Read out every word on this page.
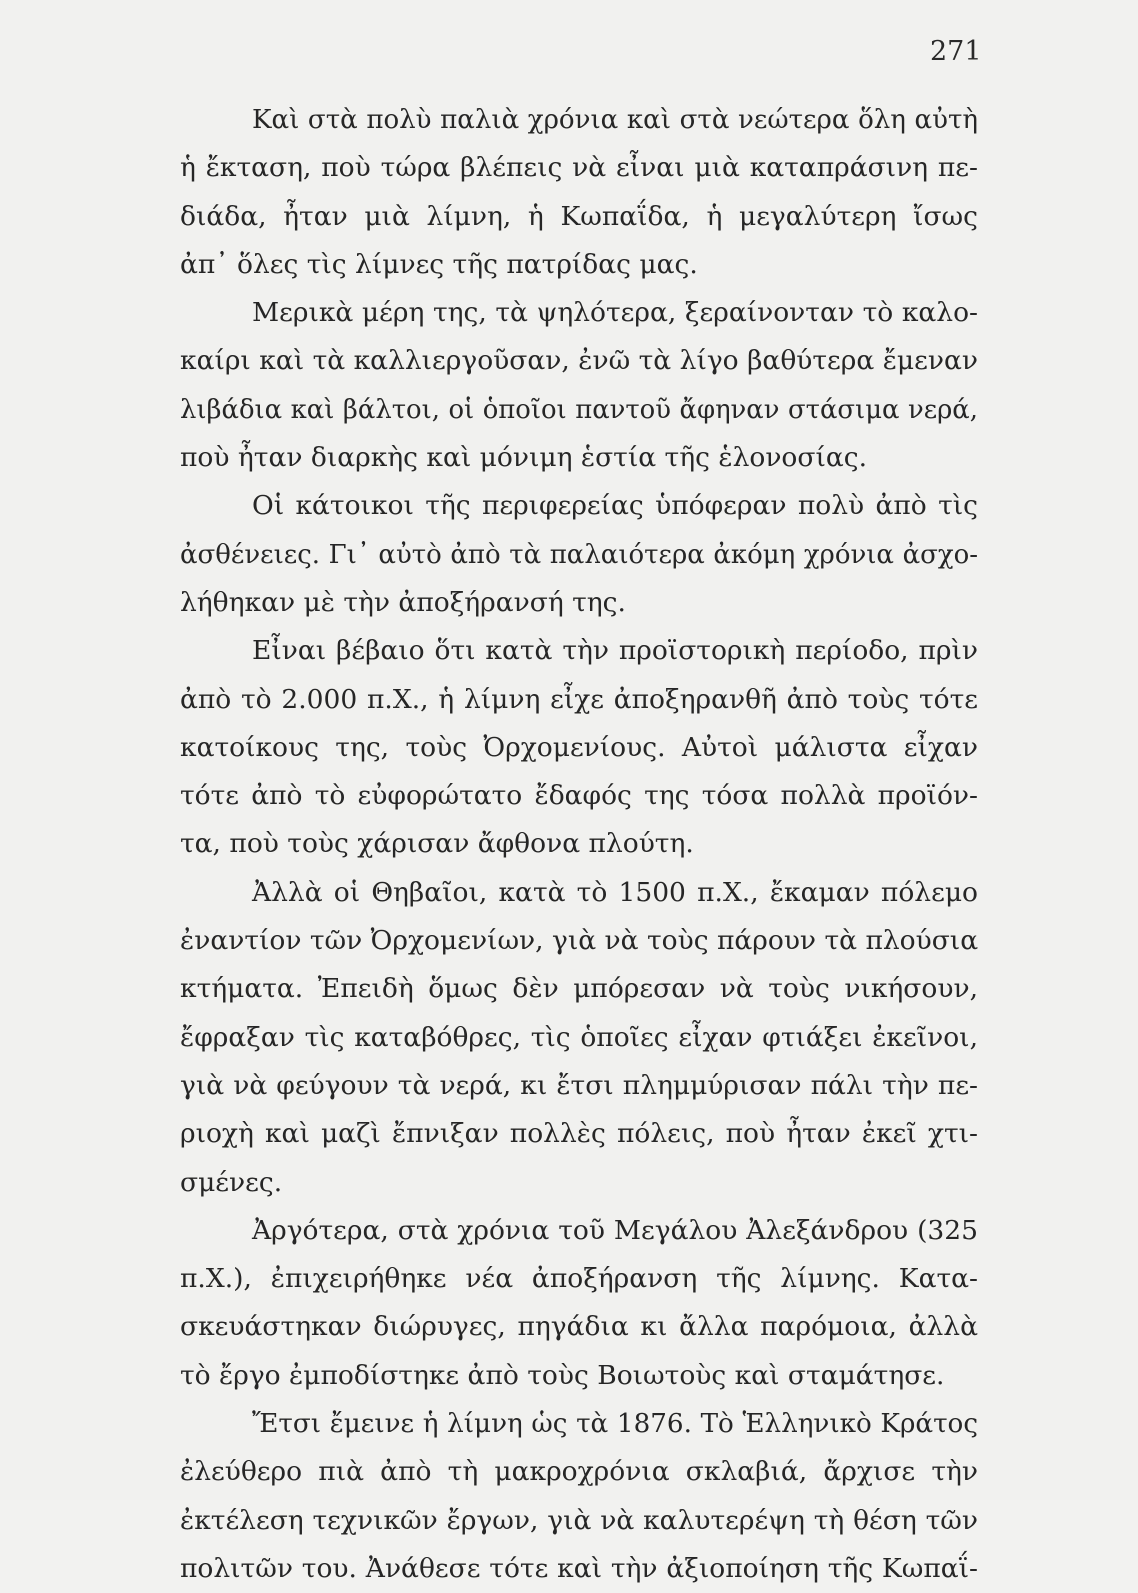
271

Καὶ στὰ πολὺ παλιὰ χρόνια καὶ στὰ νεώτερα ὅλη αὐτὴ
ἡ ἔκταση, ποὺ τώρα βλέπεις νὰ εἶναι μιὰ καταπράσινη πε-
διάδα, ἦταν μιὰ λίμνη, ἡ Κωπαΐδα, ἡ μεγαλύτερη ἴσως
ἀπ᾽ ὅλες τὶς λίμνες τῆς πατρίδας μας.

Μερικὰ μέρη της, τὰ ψηλότερα, ξεραίνονταν τὸ καλο-
καίρι καὶ τὰ καλλιεργοῦσαν, ἐνῶ τὰ λίγο βαθύτερα ἔμεναν
λιβάδια καὶ βάλτοι, οἱ ὁποῖοι παντοῦ ἄφηναν στάσιμα νερά,
ποὺ ἦταν διαρκὴς καὶ μόνιμη ἑστία τῆς ἑλονοσίας.

Οἱ κάτοικοι τῆς περιφερείας ὑπόφεραν πολὺ ἀπὸ τὶς
ἀσθένειες. Γι᾽ αὐτὸ ἀπὸ τὰ παλαιότερα ἀκόμη χρόνια ἀσχο-
λήθηκαν μὲ τὴν ἀποξήρανσή της.

Εἶναι βέβαιο ὅτι κατὰ τὴν προϊστορικὴ περίοδο, πρὶν
ἀπὸ τὸ 2.000 π.Χ., ἡ λίμνη εἶχε ἀποξηρανθῆ ἀπὸ τοὺς τότε
κατοίκους της, τοὺς Ὀρχομενίους. Αὐτοὶ μάλιστα εἶχαν
τότε ἀπὸ τὸ εὐφορώτατο ἔδαφός της τόσα πολλὰ προϊόν-
τα, ποὺ τοὺς χάρισαν ἄφθονα πλούτη.

Ἀλλὰ οἱ Θηβαῖοι, κατὰ τὸ 1500 π.Χ., ἔκαμαν πόλεμο
ἐναντίον τῶν Ὀρχομενίων, γιὰ νὰ τοὺς πάρουν τὰ πλούσια
κτήματα. Ἐπειδὴ ὅμως δὲν μπόρεσαν νὰ τοὺς νικήσουν,
ἔφραξαν τὶς καταβόθρες, τὶς ὁποῖες εἶχαν φτιάξει ἐκεῖνοι,
γιὰ νὰ φεύγουν τὰ νερά, κι ἔτσι πλημμύρισαν πάλι τὴν πε-
ριοχὴ καὶ μαζὶ ἔπνιξαν πολλὲς πόλεις, ποὺ ἦταν ἐκεῖ χτι-
σμένες.

Ἀργότερα, στὰ χρόνια τοῦ Μεγάλου Ἀλεξάνδρου (325
π.Χ.), ἐπιχειρήθηκε νέα ἀποξήρανση τῆς λίμνης. Κατα-
σκευάστηκαν διώρυγες, πηγάδια κι ἄλλα παρόμοια, ἀλλὰ
τὸ ἔργο ἐμποδίστηκε ἀπὸ τοὺς Βοιωτοὺς καὶ σταμάτησε.

Ἔτσι ἔμεινε ἡ λίμνη ὡς τὰ 1876. Τὸ Ἑλληνικὸ Κράτος
ἐλεύθερο πιὰ ἀπὸ τὴ μακροχρόνια σκλαβιά, ἄρχισε τὴν
ἐκτέλεση τεχνικῶν ἔργων, γιὰ νὰ καλυτερέψη τὴ θέση τῶν
πολιτῶν του. Ἀνάθεσε τότε καὶ τὴν ἀξιοποίηση τῆς Κωπαΐ-
